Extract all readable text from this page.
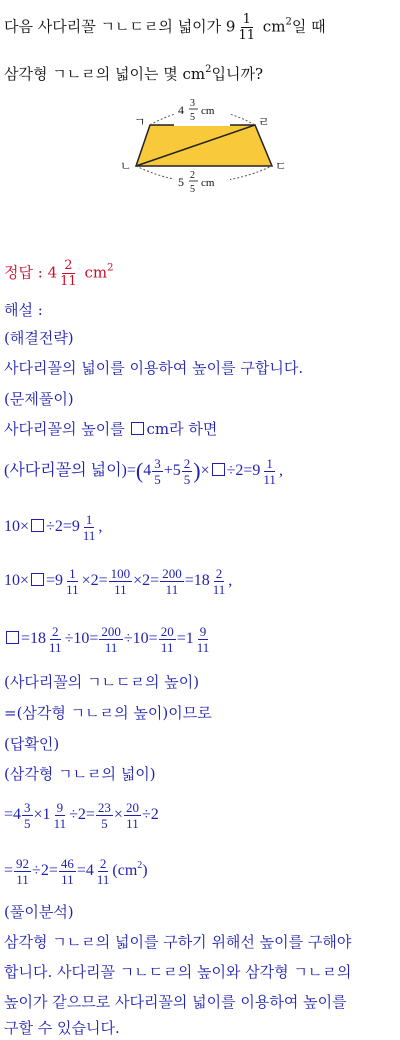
다음 사다리꼴 ㄱㄴㄷㄹ의 넓이가 $9 \frac{1}{11} cm^2$일 때
삼각형 ㄱㄴㄹ의 넓이는 몇 $cm^2$입니까?
ㄱ	ㄹ
ㄴ	ㄷ
4 3
5
cm
5 2
5
cm
정답 : $4 \frac{2}{11} cm^2$
해설 :
(해결전략)
사다리꼴의 넓이를 이용하여 높이를 구합니다.
(문제풀이)
사다리꼴의 높이를 cm라 하면
(사다리꼴의 넓이)$=(4 \frac{3}{5} +5 \frac{2}{5}$ )× $\div 2=9 \frac{1}{11}$ ,
$10\times \div 2=9 \frac{1}{11}$ ,
$10\times =9 \frac{1}{11} \times 2= \frac{100}{11} \times 2= \frac{200}{11} =18 \frac{2}{11}$ ,
$=18 \frac{2}{11} \div 10= \frac{200}{11} \div 10= \frac{20}{11} =1 \frac{9}{11}$
(사다리꼴의 ㄱㄴㄷㄹ의 높이)
=(삼각형 ㄱㄴㄹ의 높이)이므로
(답확인)
(삼각형 ㄱㄴㄹ의 넓이)
$=4 \frac{3}{5} \times 1 \frac{9}{11} \div 2= \frac{23}{5} \times \frac{20}{11} \div 2$
= $\frac{92}{11} \div 2= \frac{46}{11} =4 \frac{2}{11} (cm^2)$
(풀이분석)
삼각형 ㄱㄴㄹ의 넓이를 구하기 위해선 높이를 구해야
합니다. 사다리꼴 ㄱㄴㄷㄹ의 높이와 삼각형 ㄱㄴㄹ의
높이가 같으므로 사다리꼴의 넓이를 이용하여 높이를
구할 수 있습니다.
